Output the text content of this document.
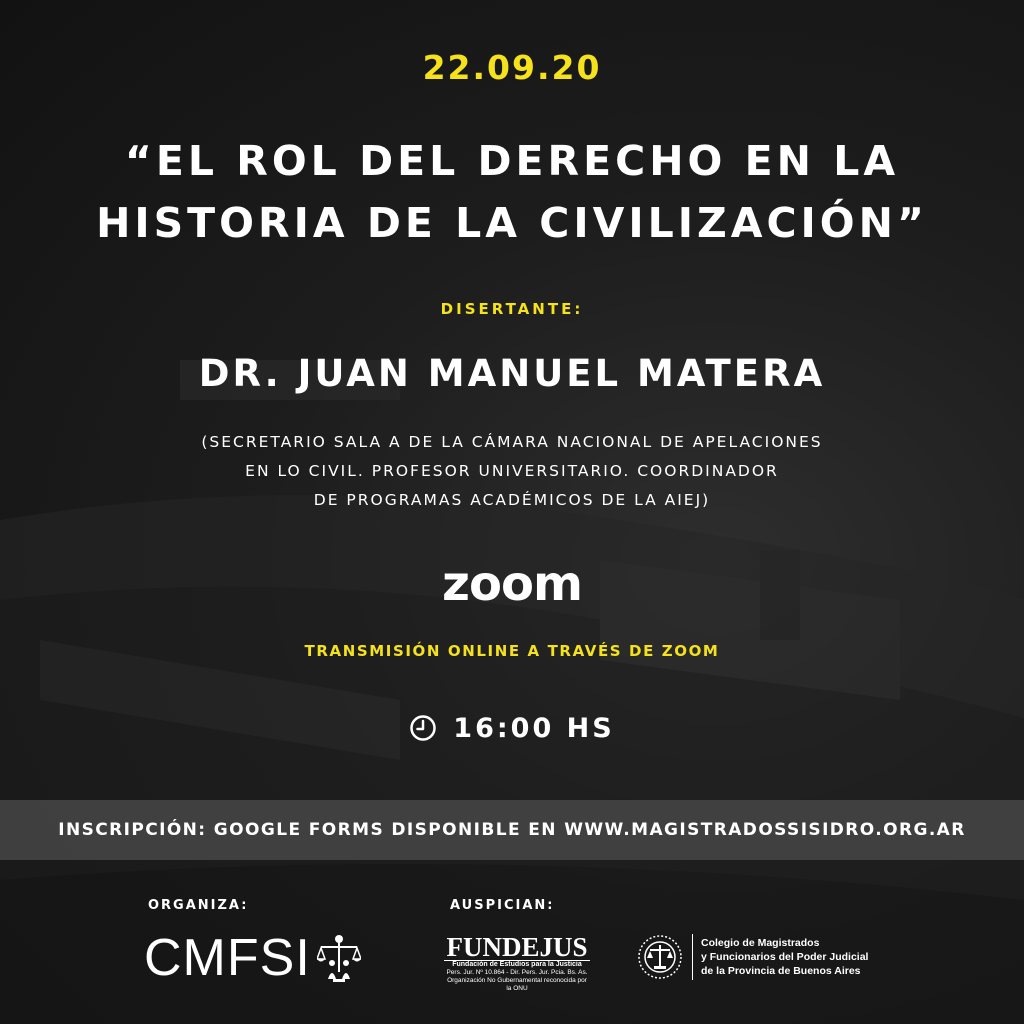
22.09.20
“EL ROL DEL DERECHO EN LA
HISTORIA DE LA CIVILIZACIÓN”
DISERTANTE:
DR. JUAN MANUEL MATERA
(SECRETARIO SALA A DE LA CÁMARA NACIONAL DE APELACIONES
EN LO CIVIL. PROFESOR UNIVERSITARIO. COORDINADOR
DE PROGRAMAS ACADÉMICOS DE LA AIEJ)
zoom
TRANSMISIÓN ONLINE A TRAVÉS DE ZOOM
16:00 HS
INSCRIPCIÓN: GOOGLE FORMS DISPONIBLE EN WWW.MAGISTRADOSSISIDRO.ORG.AR
ORGANIZA:	AUSPICIAN:
CMFSI	FUNDEJUS
Fundación de Estudios para la Justicia
Pers. Jur. Nº 10.864 - Dir. Pers. Jur. Pcia. Bs. As.
Organización No Gubernamental reconocida por la ONU
Colegio de Magistrados
y Funcionarios del Poder Judicial
de la Provincia de Buenos Aires
